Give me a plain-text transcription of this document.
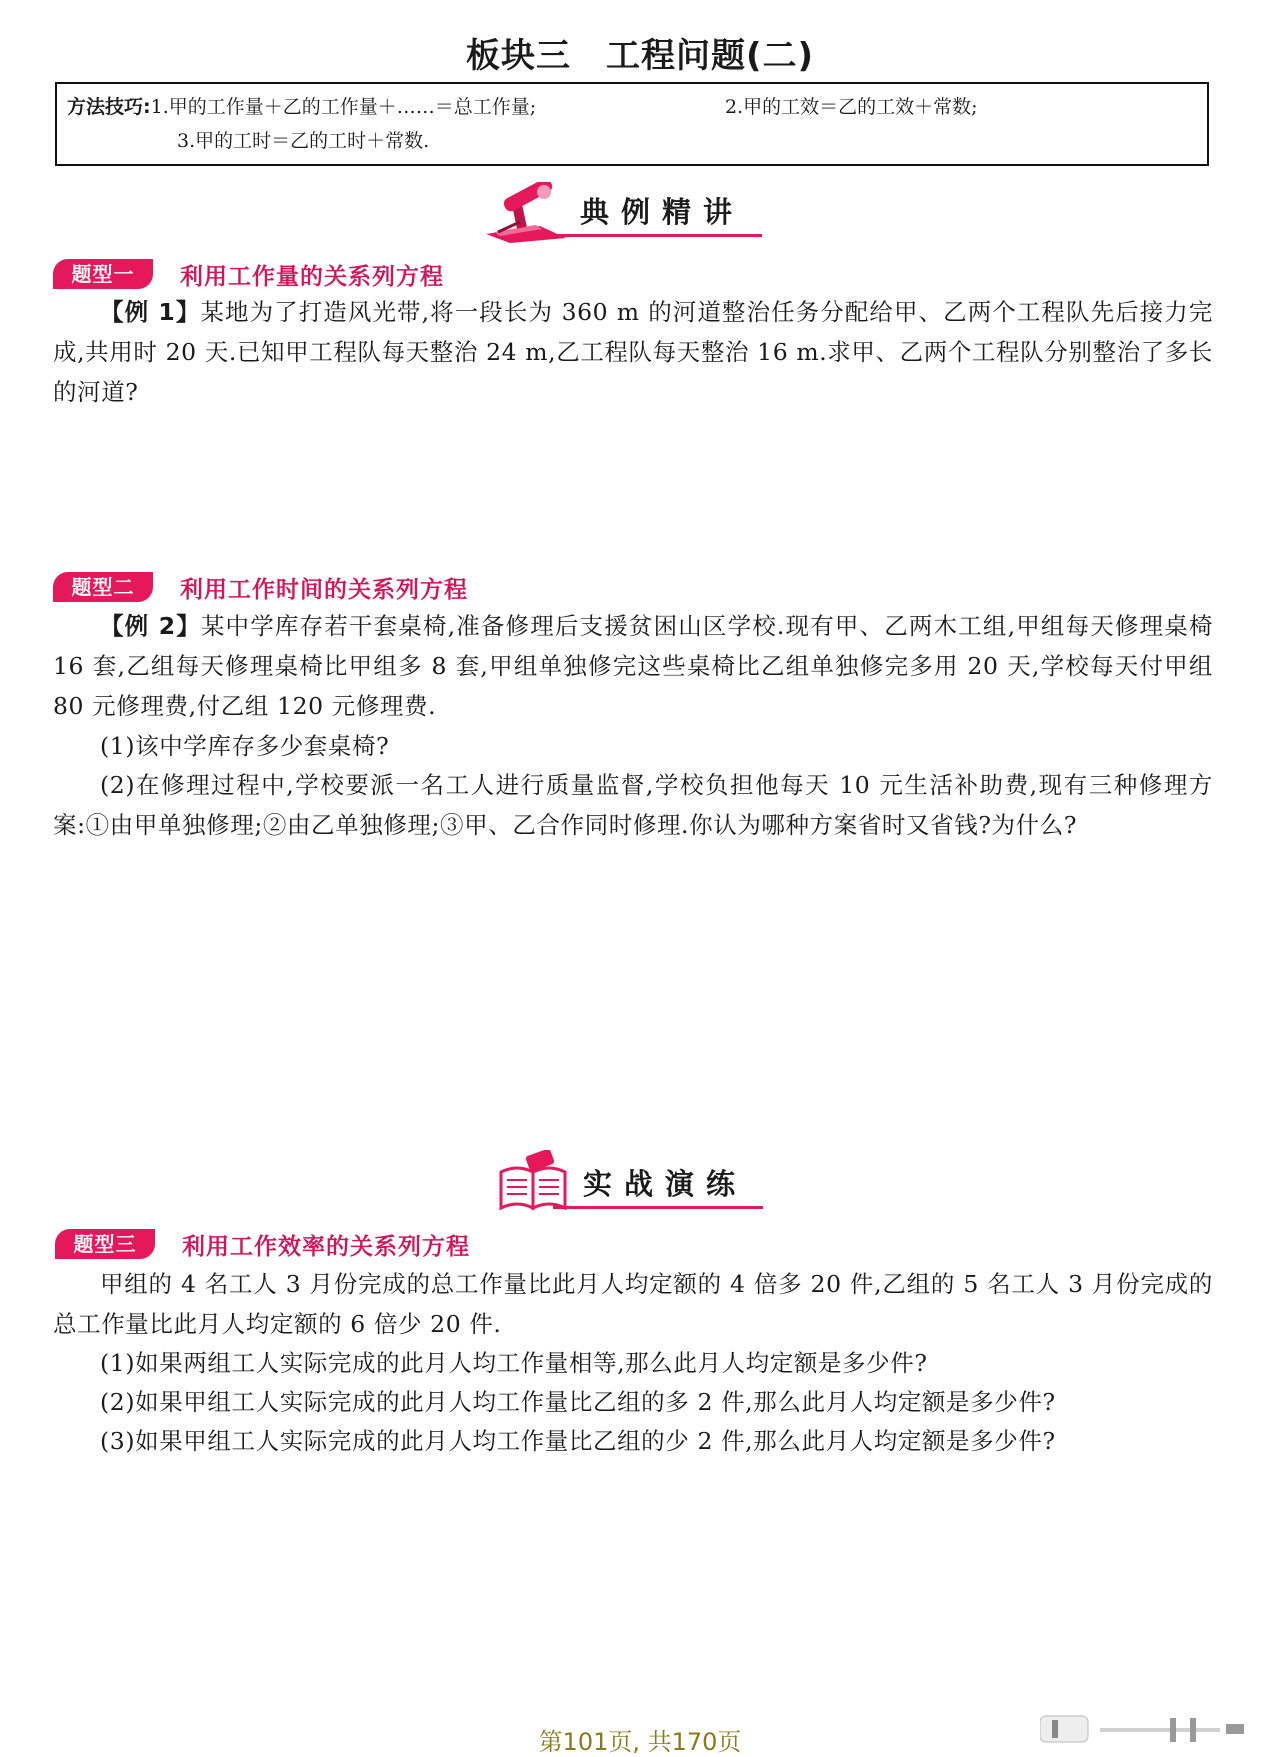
板块三　工程问题(二)
方法技巧:1.甲的工作量＋乙的工作量＋……＝总工作量;	2.甲的工效＝乙的工效＋常数;
3.甲的工时＝乙的工时＋常数.
典例精讲
题型一	利用工作量的关系列方程
【例 1】某地为了打造风光带,将一段长为 360 m 的河道整治任务分配给甲、乙两个工程队先后接力完成,共用时 20 天.已知甲工程队每天整治 24 m,乙工程队每天整治 16 m.求甲、乙两个工程队分别整治了多长的河道?
题型二	利用工作时间的关系列方程
【例 2】某中学库存若干套桌椅,准备修理后支援贫困山区学校.现有甲、乙两木工组,甲组每天修理桌椅 16 套,乙组每天修理桌椅比甲组多 8 套,甲组单独修完这些桌椅比乙组单独修完多用 20 天,学校每天付甲组 80 元修理费,付乙组 120 元修理费.
(1)该中学库存多少套桌椅?
(2)在修理过程中,学校要派一名工人进行质量监督,学校负担他每天 10 元生活补助费,现有三种修理方案:①由甲单独修理;②由乙单独修理;③甲、乙合作同时修理.你认为哪种方案省时又省钱?为什么?
实战演练
题型三	利用工作效率的关系列方程
甲组的 4 名工人 3 月份完成的总工作量比此月人均定额的 4 倍多 20 件,乙组的 5 名工人 3 月份完成的总工作量比此月人均定额的 6 倍少 20 件.
(1)如果两组工人实际完成的此月人均工作量相等,那么此月人均定额是多少件?
(2)如果甲组工人实际完成的此月人均工作量比乙组的多 2 件,那么此月人均定额是多少件?
(3)如果甲组工人实际完成的此月人均工作量比乙组的少 2 件,那么此月人均定额是多少件?
第101页, 共170页
